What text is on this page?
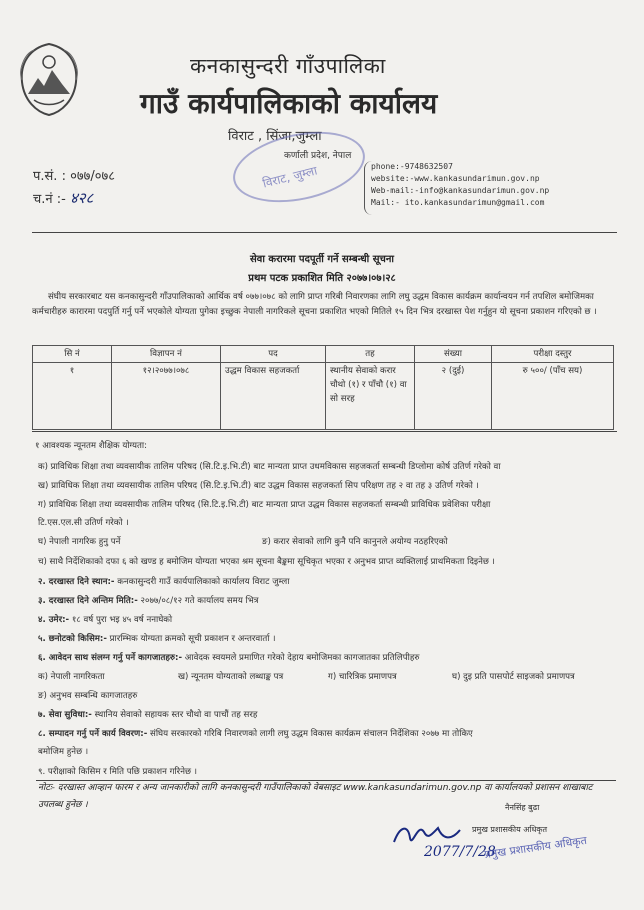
कनकासुन्दरी गाँउपालिका
गाउँ कार्यपालिकाको कार्यालय
विराट , सिंजा,जुम्ला
कर्णाली प्रदेश, नेपाल
विराट, जुम्ला
प.सं. : ०७७/०७८
च.नं :- ४२८
phone:-9748632507
website:-www.kankasundarimun.gov.np
Web-mail:-info@kankasundarimun.gov.np
Mail:- ito.kankasundarimun@gmail.com
सेवा करारमा पदपूर्ती गर्ने सम्बन्धी सूचना
प्रथम पटक प्रकाशित मिति २०७७।०७।२८
संघीय सरकारबाट यस कनकासुन्दरी गाँउपालिकाको आर्थिक वर्ष ०७७।०७८ को लागि प्राप्त गरिबी निवारणका लागि लघु उद्धम विकास कार्यक्रम कार्यान्वयन गर्न तपशिल बमोजिमका कर्मचारीहरु कारारमा पदपुर्ति गर्नु पर्ने भएकोले योग्यता पुगेका इच्छुक नेपाली नागरिकले सूचना प्रकाशित भएको मितिले १५ दिन भित्र दरखास्त पेश गर्नुहुन यो सूचना प्रकाशन गरिएको छ ।
सि नं	विज्ञापन नं	पद	तह	संख्या	परीक्षा दस्तुर
१	१२।२०७७।०७८	उद्धम विकास सहजकर्ता	स्थानीय सेवाको करार चौथो (१) र पाँचौ (१) वा सो सरह	२ (दुई)	रु ५००/ (पाँच सय)
१ आवश्यक न्यूनतम शैक्षिक योग्यता:
क) प्राविधिक शिक्षा तथा व्यवसायीक तालिम परिषद (सि.टि.इ.भि.टी) बाट मान्यता प्राप्त उधमविकास सहजकर्ता सम्बन्धी डिप्लोमा कोर्ष उतिर्ण गरेको वा
ख) प्राविधिक शिक्षा तथा व्यवसायीक तालिम परिषद (सि.टि.इ.भि.टी) बाट उद्धम विकास सहजकर्ता सिप परिक्षण तह २ वा तह ३ उतिर्ण गरेको ।
ग) प्राविधिक शिक्षा तथा व्यवसायीक तालिम परिषद (सि.टि.इ.भि.टी) बाट मान्यता प्राप्त उद्धम विकास सहजकर्ता सम्बन्धी प्राविधिक प्रवेशिका परीक्षा
टि.एस.एल.सी उतिर्ण गरेको ।
घ) नेपाली नागरिक हुनु पर्ने	ङ) करार सेवाको लागि कुनै पनि कानुनले अयोग्य नठहरिएको
च) साथै निर्देशिकाको दफा ६ को खण्ड ह बमोजिम योग्यता भएका श्रम सूचना बैङ्कमा सूचिकृत भएका र अनुभव प्राप्त व्यक्तिलाई प्राथमिकता दिइनेछ ।
२. दरखास्त दिने स्थान:- कनकासुन्दरी गाउँ कार्यपालिकाको कार्यालय विराट जुम्ला
३. दरखास्त दिने अन्तिम मिति:- २०७७/०८/१२ गते कार्यालय समय भित्र
४. उमेर:- १८ वर्ष पुरा भइ ४५ वर्ष ननाघेको
५. छनोटको किसिम:- प्रारम्भिक योग्यता क्रमको सूची प्रकाशन र अन्तरवार्ता ।
६. आवेदन साथ संलग्न गर्नु पर्ने कागजातहरु:- आवेदक स्वयमले प्रमाणित गरेको देहाय बमोजिमका कागजातका प्रतिलिपीहरु
क) नेपाली नागरिकता	ख) न्यूनतम योग्यताको लब्धाङ्क पत्र	ग) चारित्रिक प्रमाणपत्र	घ) दुइ प्रति पासपोर्ट साइजको प्रमाणपत्र
ङ) अनुभव सम्बन्धि कागजातहरु
७. सेवा सुविधा:- स्थानिय सेवाको सहायक स्तर चौथो वा पाचौं तह सरह
८. सम्पादन गर्नु पर्ने कार्य विवरण:- संघिय सरकारको गरिबि निवारणको लागी लघु उद्धम विकास कार्यक्रम संचालन निर्देशिका २०७७ मा तोकिए
बमोजिम हुनेछ ।
९. परीक्षाको किसिम र मिति पछि प्रकाशन गरिनेछ ।
नोटः- दरखास्त आव्हान फारम र अन्य जानकारीको लागि कनकासुन्दरी गाउँपालिकाको वेबसाइट www.kankasundarimun.gov.np वा कार्यालयको प्रशासन शाखाबाट उपलब्ध हुनेछ ।	नैनसिंह बुढा
2077/7/28
प्रमुख प्रशासकीय अधिकृत
प्रमुख प्रशासकीय अधिकृत
